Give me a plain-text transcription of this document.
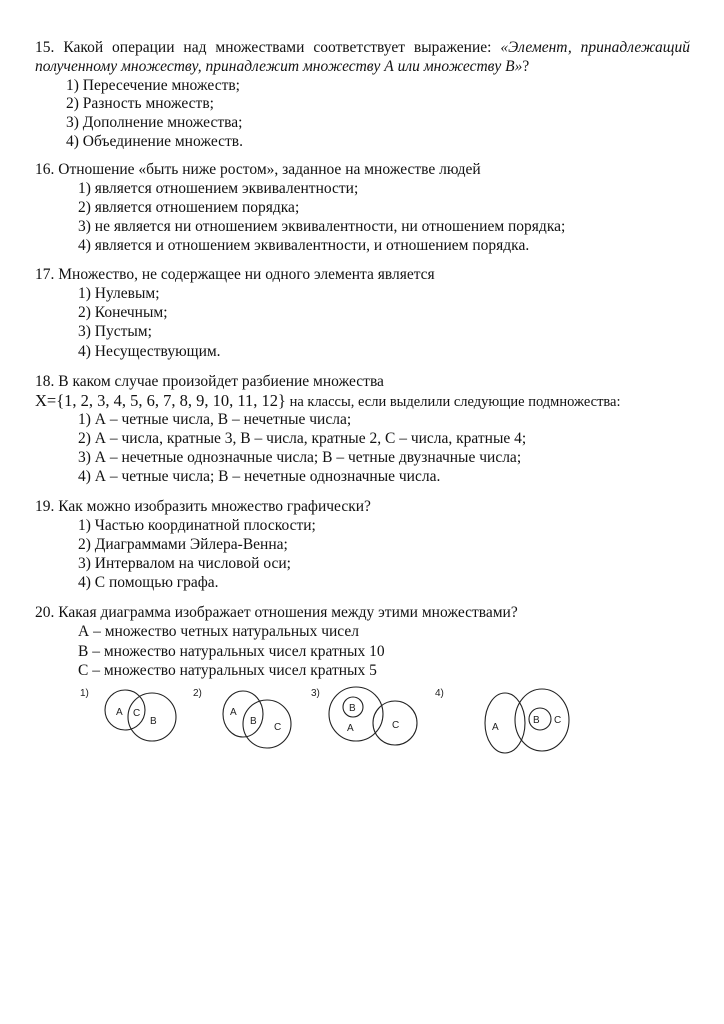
15. Какой операции над множествами соответствует выражение: «Элемент, принадлежащий
полученному множеству, принадлежит множеству А или множеству В»?
1) Пересечение множеств;
2) Разность множеств;
3) Дополнение множества;
4) Объединение множеств.
16. Отношение «быть ниже ростом», заданное на множестве людей
1) является отношением эквивалентности;
2) является отношением порядка;
3) не является ни отношением эквивалентности, ни отношением порядка;
4) является и отношением эквивалентности, и отношением порядка.
17. Множество, не содержащее ни одного элемента является
1) Нулевым;
2) Конечным;
3) Пустым;
4) Несуществующим.
18. В каком случае произойдет разбиение множества
X={1, 2, 3, 4, 5, 6, 7, 8, 9, 10, 11, 12} на классы, если выделили следующие подмножества:
1) А – четные числа, В – нечетные числа;
2) А – числа, кратные 3, В – числа, кратные 2, С – числа, кратные 4;
3) А – нечетные однозначные числа; В – четные двузначные числа;
4) А – четные числа; В – нечетные однозначные числа.
19. Как можно изобразить множество графически?
1) Частью координатной плоскости;
2) Диаграммами Эйлера-Венна;
3) Интервалом на числовой оси;
4) С помощью графа.
20. Какая диаграмма изображает отношения между этими множествами?
А – множество четных натуральных чисел
В – множество натуральных чисел кратных 10
С – множество натуральных чисел кратных 5
1)
A C
B
2)
A
B
C
3)
B
A	C
4)
A
B C
